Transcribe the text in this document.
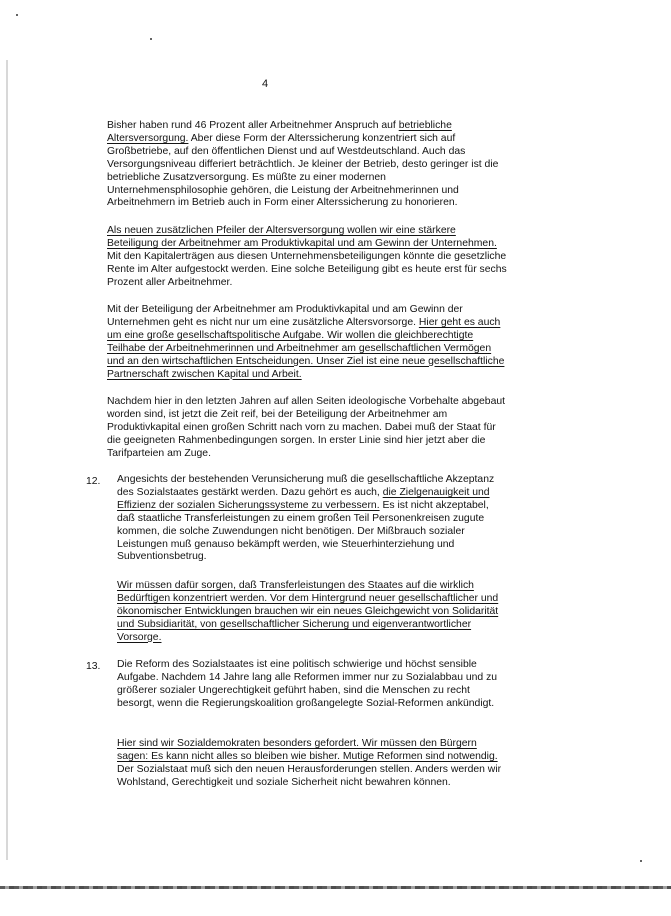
4

Bisher haben rund 46 Prozent aller Arbeitnehmer Anspruch auf betriebliche Altersversorgung. Aber diese Form der Alterssicherung konzentriert sich auf Großbetriebe, auf den öffentlichen Dienst und auf Westdeutschland. Auch das Versorgungsniveau differiert beträchtlich. Je kleiner der Betrieb, desto geringer ist die betriebliche Zusatzversorgung. Es müßte zu einer modernen Unternehmensphilosophie gehören, die Leistung der Arbeitnehmerinnen und Arbeitnehmern im Betrieb auch in Form einer Alterssicherung zu honorieren.

Als neuen zusätzlichen Pfeiler der Altersversorgung wollen wir eine stärkere Beteiligung der Arbeitnehmer am Produktivkapital und am Gewinn der Unternehmen. Mit den Kapitalerträgen aus diesen Unternehmensbeteiligungen könnte die gesetzliche Rente im Alter aufgestockt werden. Eine solche Beteiligung gibt es heute erst für sechs Prozent aller Arbeitnehmer.

Mit der Beteiligung der Arbeitnehmer am Produktivkapital und am Gewinn der Unternehmen geht es nicht nur um eine zusätzliche Altersvorsorge. Hier geht es auch um eine große gesellschaftspolitische Aufgabe. Wir wollen die gleichberechtigte Teilhabe der Arbeitnehmerinnen und Arbeitnehmer am gesellschaftlichen Vermögen und an den wirtschaftlichen Entscheidungen. Unser Ziel ist eine neue gesellschaftliche Partnerschaft zwischen Kapital und Arbeit.

Nachdem hier in den letzten Jahren auf allen Seiten ideologische Vorbehalte abgebaut worden sind, ist jetzt die Zeit reif, bei der Beteiligung der Arbeitnehmer am Produktivkapital einen großen Schritt nach vorn zu machen. Dabei muß der Staat für die geeigneten Rahmenbedingungen sorgen. In erster Linie sind hier jetzt aber die Tarifparteien am Zuge.

12. Angesichts der bestehenden Verunsicherung muß die gesellschaftliche Akzeptanz des Sozialstaates gestärkt werden. Dazu gehört es auch, die Zielgenauigkeit und Effizienz der sozialen Sicherungssysteme zu verbessern. Es ist nicht akzeptabel, daß staatliche Transferleistungen zu einem großen Teil Personenkreisen zugute kommen, die solche Zuwendungen nicht benötigen. Der Mißbrauch sozialer Leistungen muß genauso bekämpft werden, wie Steuerhinterziehung und Subventionsbetrug.

Wir müssen dafür sorgen, daß Transferleistungen des Staates auf die wirklich Bedürftigen konzentriert werden. Vor dem Hintergrund neuer gesellschaftlicher und ökonomischer Entwicklungen brauchen wir ein neues Gleichgewicht von Solidarität und Subsidiarität, von gesellschaftlicher Sicherung und eigenverantwortlicher Vorsorge.

13. Die Reform des Sozialstaates ist eine politisch schwierige und höchst sensible Aufgabe. Nachdem 14 Jahre lang alle Reformen immer nur zu Sozialabbau und zu größerer sozialer Ungerechtigkeit geführt haben, sind die Menschen zu recht besorgt, wenn die Regierungskoalition großangelegte Sozial-Reformen ankündigt.

Hier sind wir Sozialdemokraten besonders gefordert. Wir müssen den Bürgern sagen: Es kann nicht alles so bleiben wie bisher. Mutige Reformen sind notwendig. Der Sozialstaat muß sich den neuen Herausforderungen stellen. Anders werden wir Wohlstand, Gerechtigkeit und soziale Sicherheit nicht bewahren können.
